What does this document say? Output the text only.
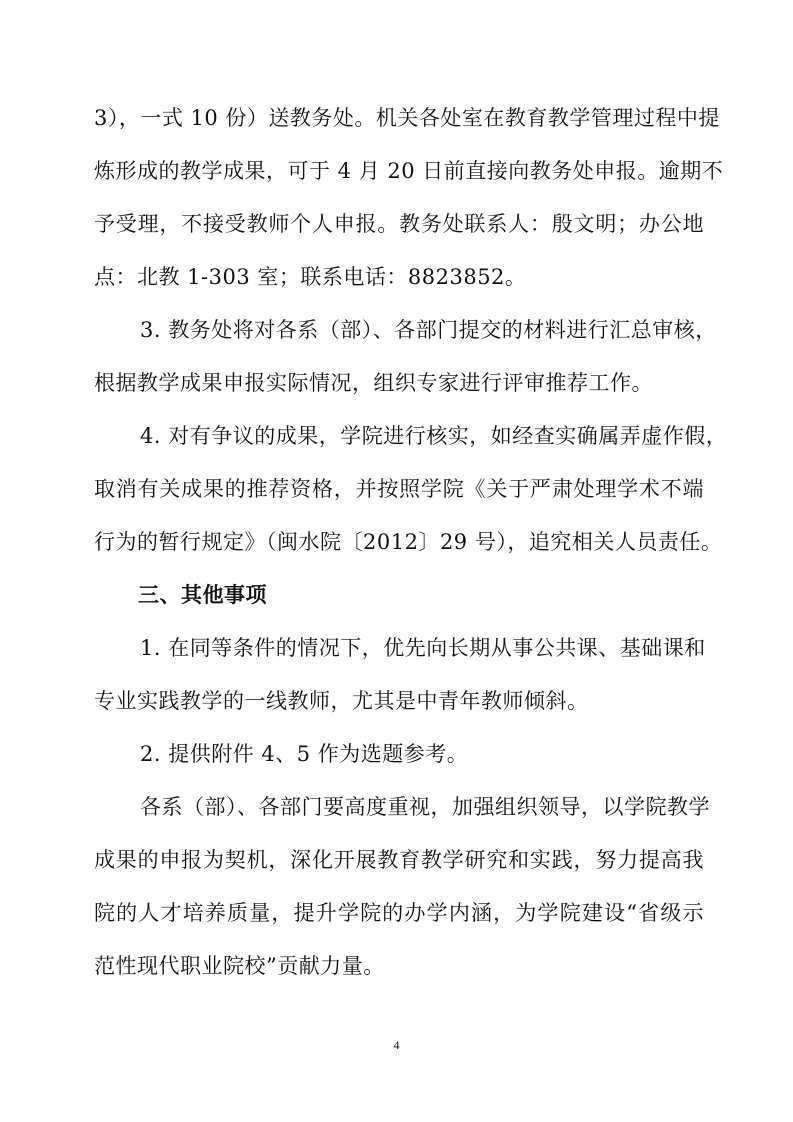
3），一式 10 份）送教务处。机关各处室在教育教学管理过程中提
炼形成的教学成果，可于 4 月 20 日前直接向教务处申报。逾期不
予受理，不接受教师个人申报。教务处联系人：殷文明；办公地
点：北教 1-303 室；联系电话：8823852。
3. 教务处将对各系（部）、各部门提交的材料进行汇总审核，
根据教学成果申报实际情况，组织专家进行评审推荐工作。
4. 对有争议的成果，学院进行核实，如经查实确属弄虚作假，
取消有关成果的推荐资格，并按照学院《关于严肃处理学术不端
行为的暂行规定》（闽水院〔2012〕29 号），追究相关人员责任。
三、其他事项
1. 在同等条件的情况下，优先向长期从事公共课、基础课和
专业实践教学的一线教师，尤其是中青年教师倾斜。
2. 提供附件 4、5 作为选题参考。
各系（部）、各部门要高度重视，加强组织领导，以学院教学
成果的申报为契机，深化开展教育教学研究和实践，努力提高我
院的人才培养质量，提升学院的办学内涵，为学院建设“省级示
范性现代职业院校”贡献力量。
4
